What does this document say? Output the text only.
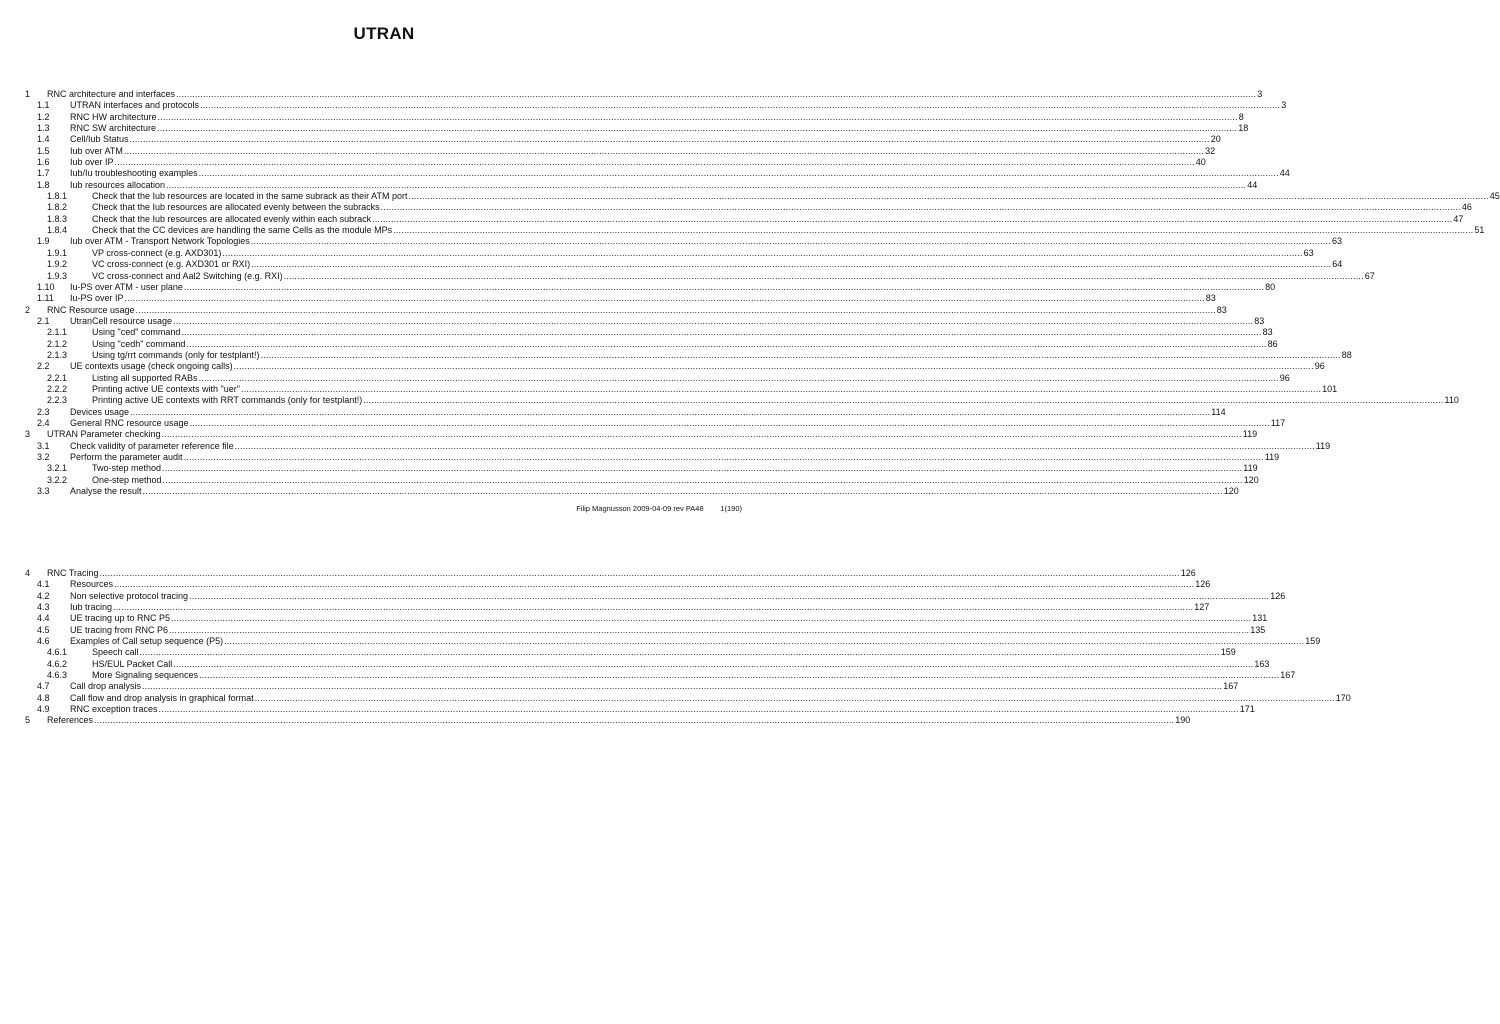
UTRAN
1 RNC architecture and interfaces ................................................................................................................................................................................................................................................................................................................................................................................................................ 3
1.1 UTRAN interfaces and protocols ................................................................................................................................................................................................................................................................................................................................................................................................................ 3
1.2 RNC HW architecture ................................................................................................................................................................................................................................................................................................................................................................................................................ 8
1.3 RNC SW architecture ................................................................................................................................................................................................................................................................................................................................................................................................................ 18
1.4 Cell/Iub Status ................................................................................................................................................................................................................................................................................................................................................................................................................ 20
1.5 Iub over ATM ................................................................................................................................................................................................................................................................................................................................................................................................................ 32
1.6 Iub over IP ................................................................................................................................................................................................................................................................................................................................................................................................................ 40
1.7 Iub/Iu troubleshooting examples ................................................................................................................................................................................................................................................................................................................................................................................................................ 44
1.8 Iub resources allocation ................................................................................................................................................................................................................................................................................................................................................................................................................ 44
1.8.1	Check that the Iub resources are located in the same subrack as their ATM port ................................................................................................................................................................................................................................................................................................................................................................................................................ 45
1.8.2	Check that the Iub resources are allocated evenly between the subracks ................................................................................................................................................................................................................................................................................................................................................................................................................ 46
1.8.3	Check that the Iub resources are allocated evenly within each subrack ................................................................................................................................................................................................................................................................................................................................................................................................................ 47
1.8.4	Check that the CC devices are handling the same Cells as the module MPs ................................................................................................................................................................................................................................................................................................................................................................................................................ 51
1.9 Iub over ATM - Transport Network Topologies ................................................................................................................................................................................................................................................................................................................................................................................................................ 63
1.9.1	VP cross-connect (e.g. AXD301) ................................................................................................................................................................................................................................................................................................................................................................................................................ 63
1.9.2	VC cross-connect (e.g. AXD301 or RXI) ................................................................................................................................................................................................................................................................................................................................................................................................................ 64
1.9.3	VC cross-connect and Aal2 Switching (e.g. RXI) ................................................................................................................................................................................................................................................................................................................................................................................................................ 67
1.10 Iu-PS over ATM - user plane ................................................................................................................................................................................................................................................................................................................................................................................................................ 80
1.11 Iu-PS over IP ................................................................................................................................................................................................................................................................................................................................................................................................................ 83
2 RNC Resource usage ................................................................................................................................................................................................................................................................................................................................................................................................................ 83
2.1 UtranCell resource usage ................................................................................................................................................................................................................................................................................................................................................................................................................ 83
2.1.1	Using "ced" command ................................................................................................................................................................................................................................................................................................................................................................................................................ 83
2.1.2	Using "cedh" command ................................................................................................................................................................................................................................................................................................................................................................................................................ 86
2.1.3	Using tg/rrt commands (only for testplant!) ................................................................................................................................................................................................................................................................................................................................................................................................................ 88
2.2 UE contexts usage (check ongoing calls) ................................................................................................................................................................................................................................................................................................................................................................................................................ 96
2.2.1	Listing all supported RABs ................................................................................................................................................................................................................................................................................................................................................................................................................ 96
2.2.2	Printing active UE contexts with "uer" ................................................................................................................................................................................................................................................................................................................................................................................................................ 101
2.2.3	Printing active UE contexts with RRT commands (only for testplant!) ................................................................................................................................................................................................................................................................................................................................................................................................................ 110
2.3 Devices usage ................................................................................................................................................................................................................................................................................................................................................................................................................ 114
2.4 General RNC resource usage ................................................................................................................................................................................................................................................................................................................................................................................................................ 117
3 UTRAN Parameter checking ................................................................................................................................................................................................................................................................................................................................................................................................................ 119
3.1 Check validity of parameter reference file ................................................................................................................................................................................................................................................................................................................................................................................................................ 119
3.2 Perform the parameter audit ................................................................................................................................................................................................................................................................................................................................................................................................................ 119
3.2.1	Two-step method ................................................................................................................................................................................................................................................................................................................................................................................................................ 119
3.2.2	One-step method ................................................................................................................................................................................................................................................................................................................................................................................................................ 120
3.3 Analyse the result ................................................................................................................................................................................................................................................................................................................................................................................................................ 120
Filip Magnusson 2009-04-09 rev PA48        1(190)
4 RNC Tracing ................................................................................................................................................................................................................................................................................................................................................................................................................ 126
4.1 Resources ................................................................................................................................................................................................................................................................................................................................................................................................................ 126
4.2 Non selective protocol tracing ................................................................................................................................................................................................................................................................................................................................................................................................................ 126
4.3 Iub tracing ................................................................................................................................................................................................................................................................................................................................................................................................................ 127
4.4 UE tracing up to RNC P5 ................................................................................................................................................................................................................................................................................................................................................................................................................ 131
4.5 UE tracing from RNC P6 ................................................................................................................................................................................................................................................................................................................................................................................................................ 135
4.6 Examples of Call setup sequence (P5) ................................................................................................................................................................................................................................................................................................................................................................................................................ 159
4.6.1	Speech call ................................................................................................................................................................................................................................................................................................................................................................................................................ 159
4.6.2	HS/EUL Packet Call ................................................................................................................................................................................................................................................................................................................................................................................................................ 163
4.6.3	More Signaling sequences ................................................................................................................................................................................................................................................................................................................................................................................................................ 167
4.7 Call drop analysis ................................................................................................................................................................................................................................................................................................................................................................................................................ 167
4.8 Call flow and drop analysis in graphical format ................................................................................................................................................................................................................................................................................................................................................................................................................ 170
4.9 RNC exception traces ................................................................................................................................................................................................................................................................................................................................................................................................................ 171
5 References ................................................................................................................................................................................................................................................................................................................................................................................................................ 190
